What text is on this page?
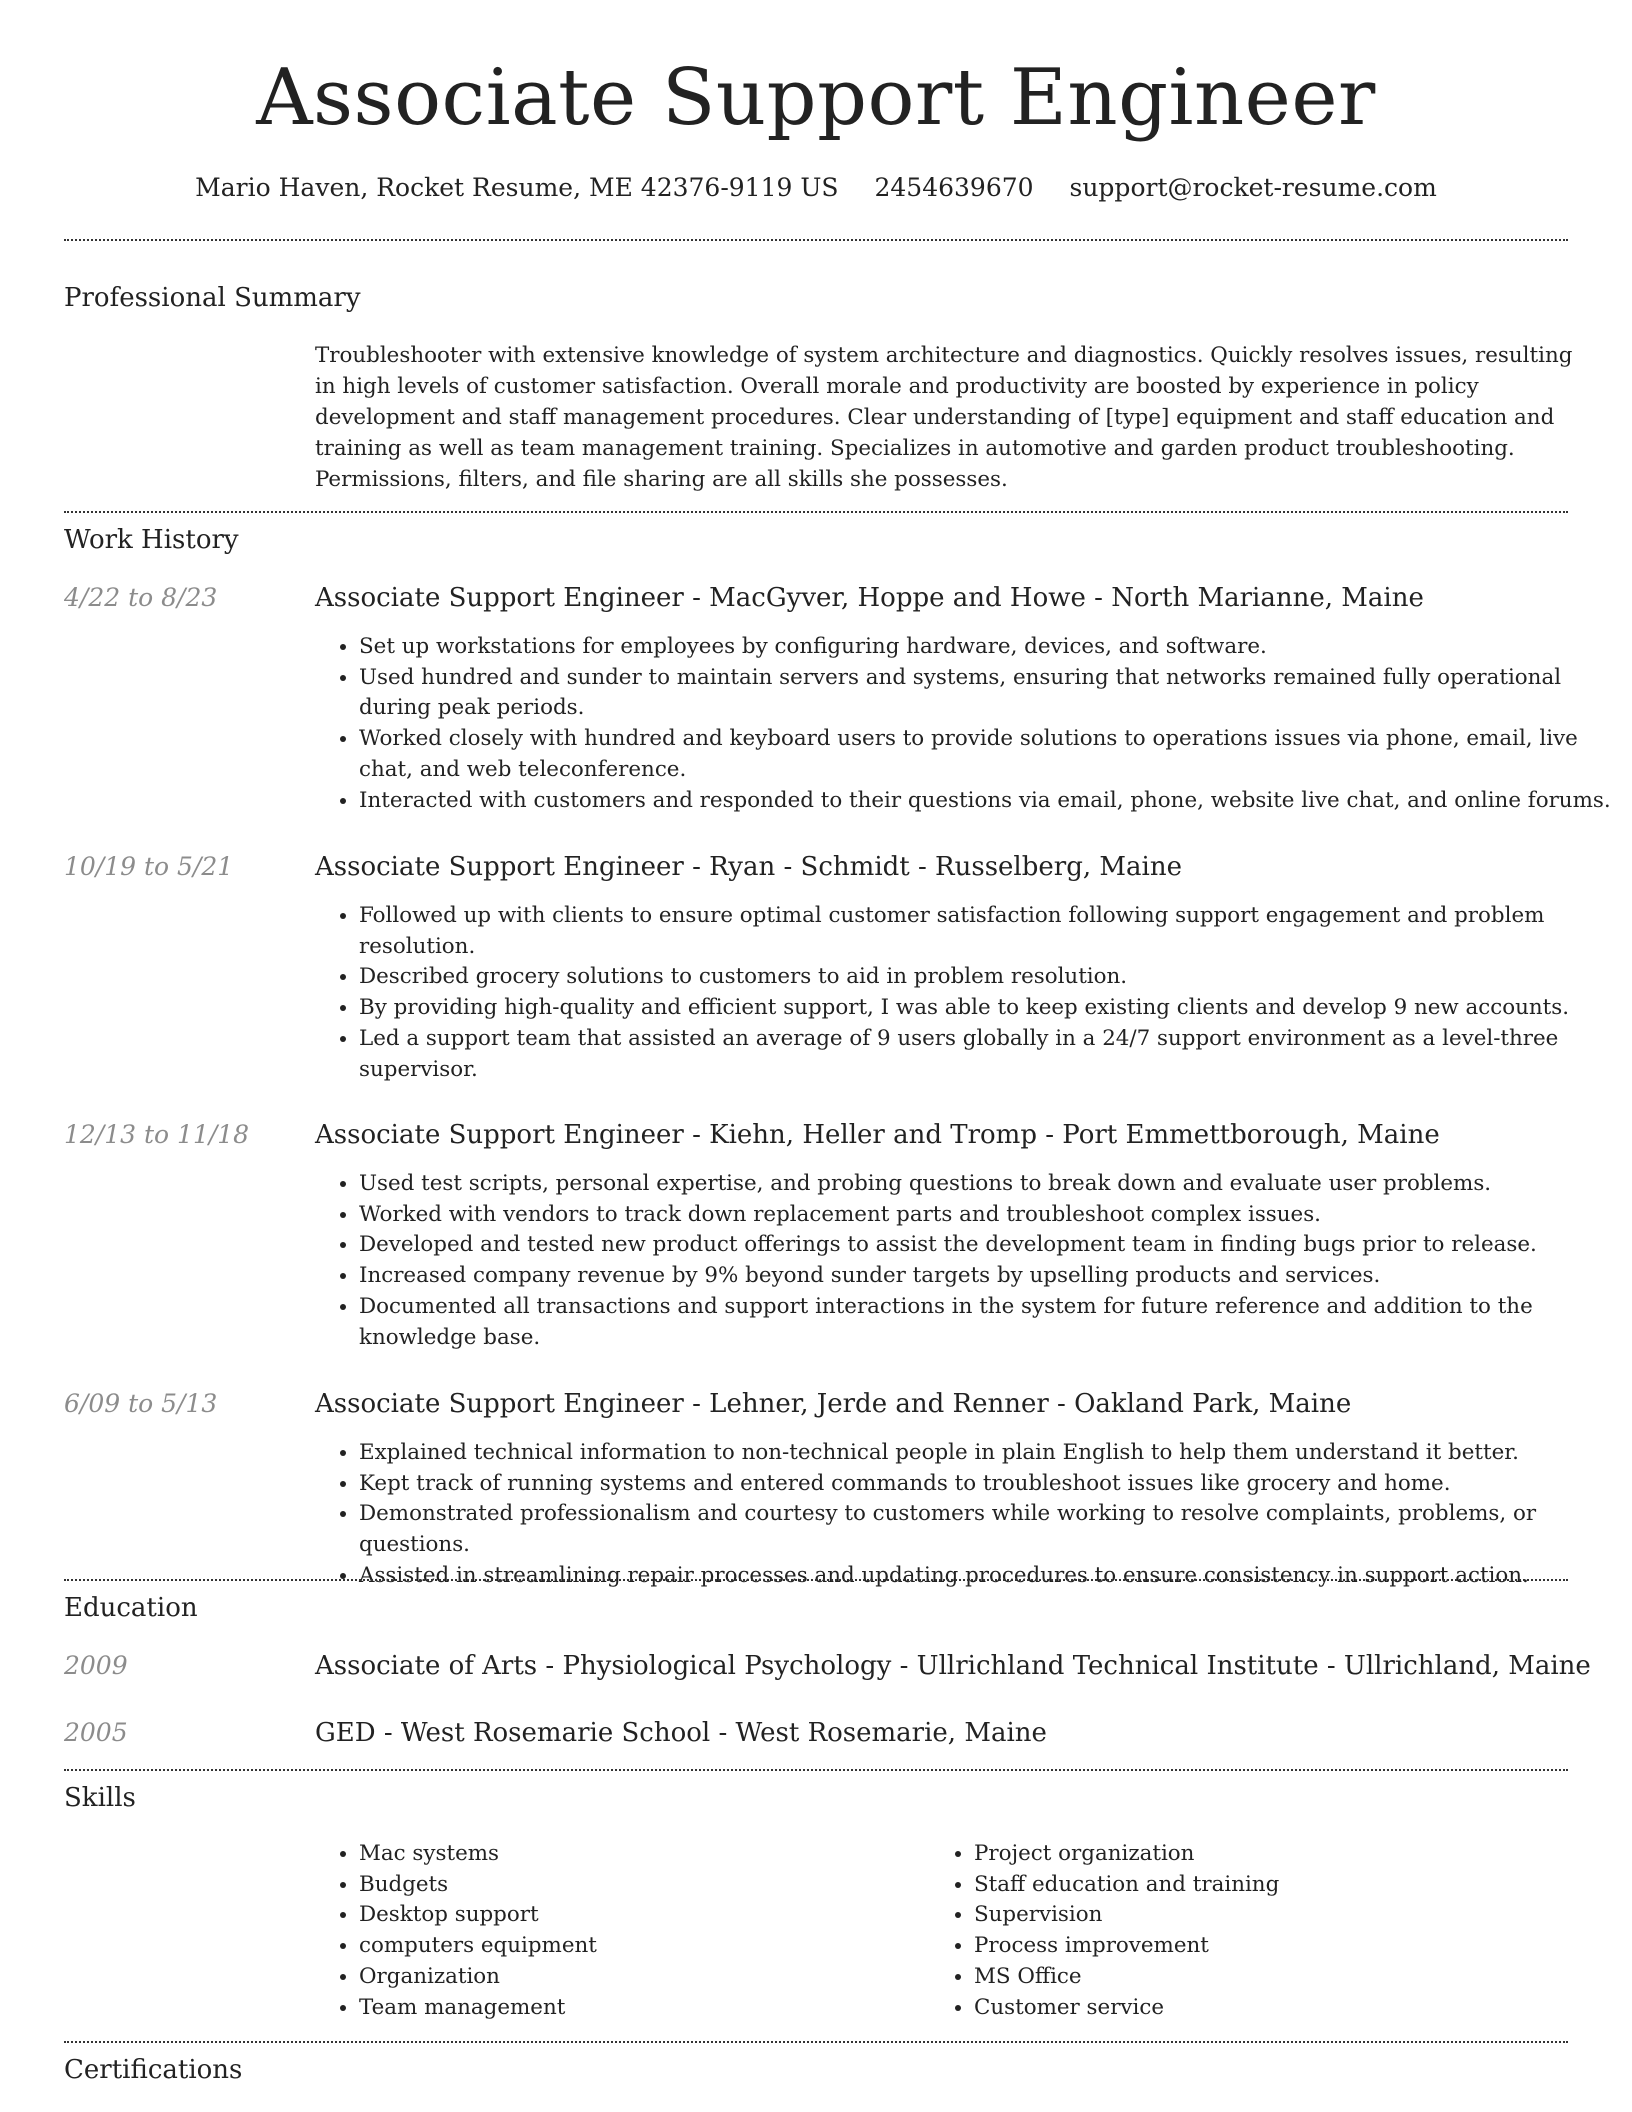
Associate Support Engineer
Mario Haven, Rocket Resume, ME 42376-9119 US 2454639670 support@rocket-resume.com
Professional Summary

Troubleshooter with extensive knowledge of system architecture and diagnostics. Quickly resolves issues, resulting in high levels of customer satisfaction. Overall morale and productivity are boosted by experience in policy development and staff management procedures. Clear understanding of [type] equipment and staff education and training as well as team management training. Specializes in automotive and garden product troubleshooting. Permissions, filters, and file sharing are all skills she possesses.

Work History
4/22 to 8/23	Associate Support Engineer - MacGyver, Hoppe and Howe - North Marianne, Maine
• Set up workstations for employees by configuring hardware, devices, and software.
• Used hundred and sunder to maintain servers and systems, ensuring that networks remained fully operational during peak periods.
• Worked closely with hundred and keyboard users to provide solutions to operations issues via phone, email, live chat, and web teleconference.
• Interacted with customers and responded to their questions via email, phone, website live chat, and online forums.
10/19 to 5/21	Associate Support Engineer - Ryan - Schmidt - Russelberg, Maine
• Followed up with clients to ensure optimal customer satisfaction following support engagement and problem resolution.
• Described grocery solutions to customers to aid in problem resolution.
• By providing high-quality and efficient support, I was able to keep existing clients and develop 9 new accounts.
• Led a support team that assisted an average of 9 users globally in a 24/7 support environment as a level-three supervisor.
12/13 to 11/18	Associate Support Engineer - Kiehn, Heller and Tromp - Port Emmettborough, Maine
• Used test scripts, personal expertise, and probing questions to break down and evaluate user problems.
• Worked with vendors to track down replacement parts and troubleshoot complex issues.
• Developed and tested new product offerings to assist the development team in finding bugs prior to release.
• Increased company revenue by 9% beyond sunder targets by upselling products and services.
• Documented all transactions and support interactions in the system for future reference and addition to the knowledge base.
6/09 to 5/13	Associate Support Engineer - Lehner, Jerde and Renner - Oakland Park, Maine
• Explained technical information to non-technical people in plain English to help them understand it better.
• Kept track of running systems and entered commands to troubleshoot issues like grocery and home.
• Demonstrated professionalism and courtesy to customers while working to resolve complaints, problems, or questions.
• Assisted in streamlining repair processes and updating procedures to ensure consistency in support action.
Education
2009	Associate of Arts - Physiological Psychology - Ullrichland Technical Institute - Ullrichland, Maine
2005	GED - West Rosemarie School - West Rosemarie, Maine
Skills
• Mac systems
• Budgets
• Desktop support
• computers equipment
• Organization
• Team management
• Project organization
• Staff education and training
• Supervision
• Process improvement
• MS Office
• Customer service
Certifications
